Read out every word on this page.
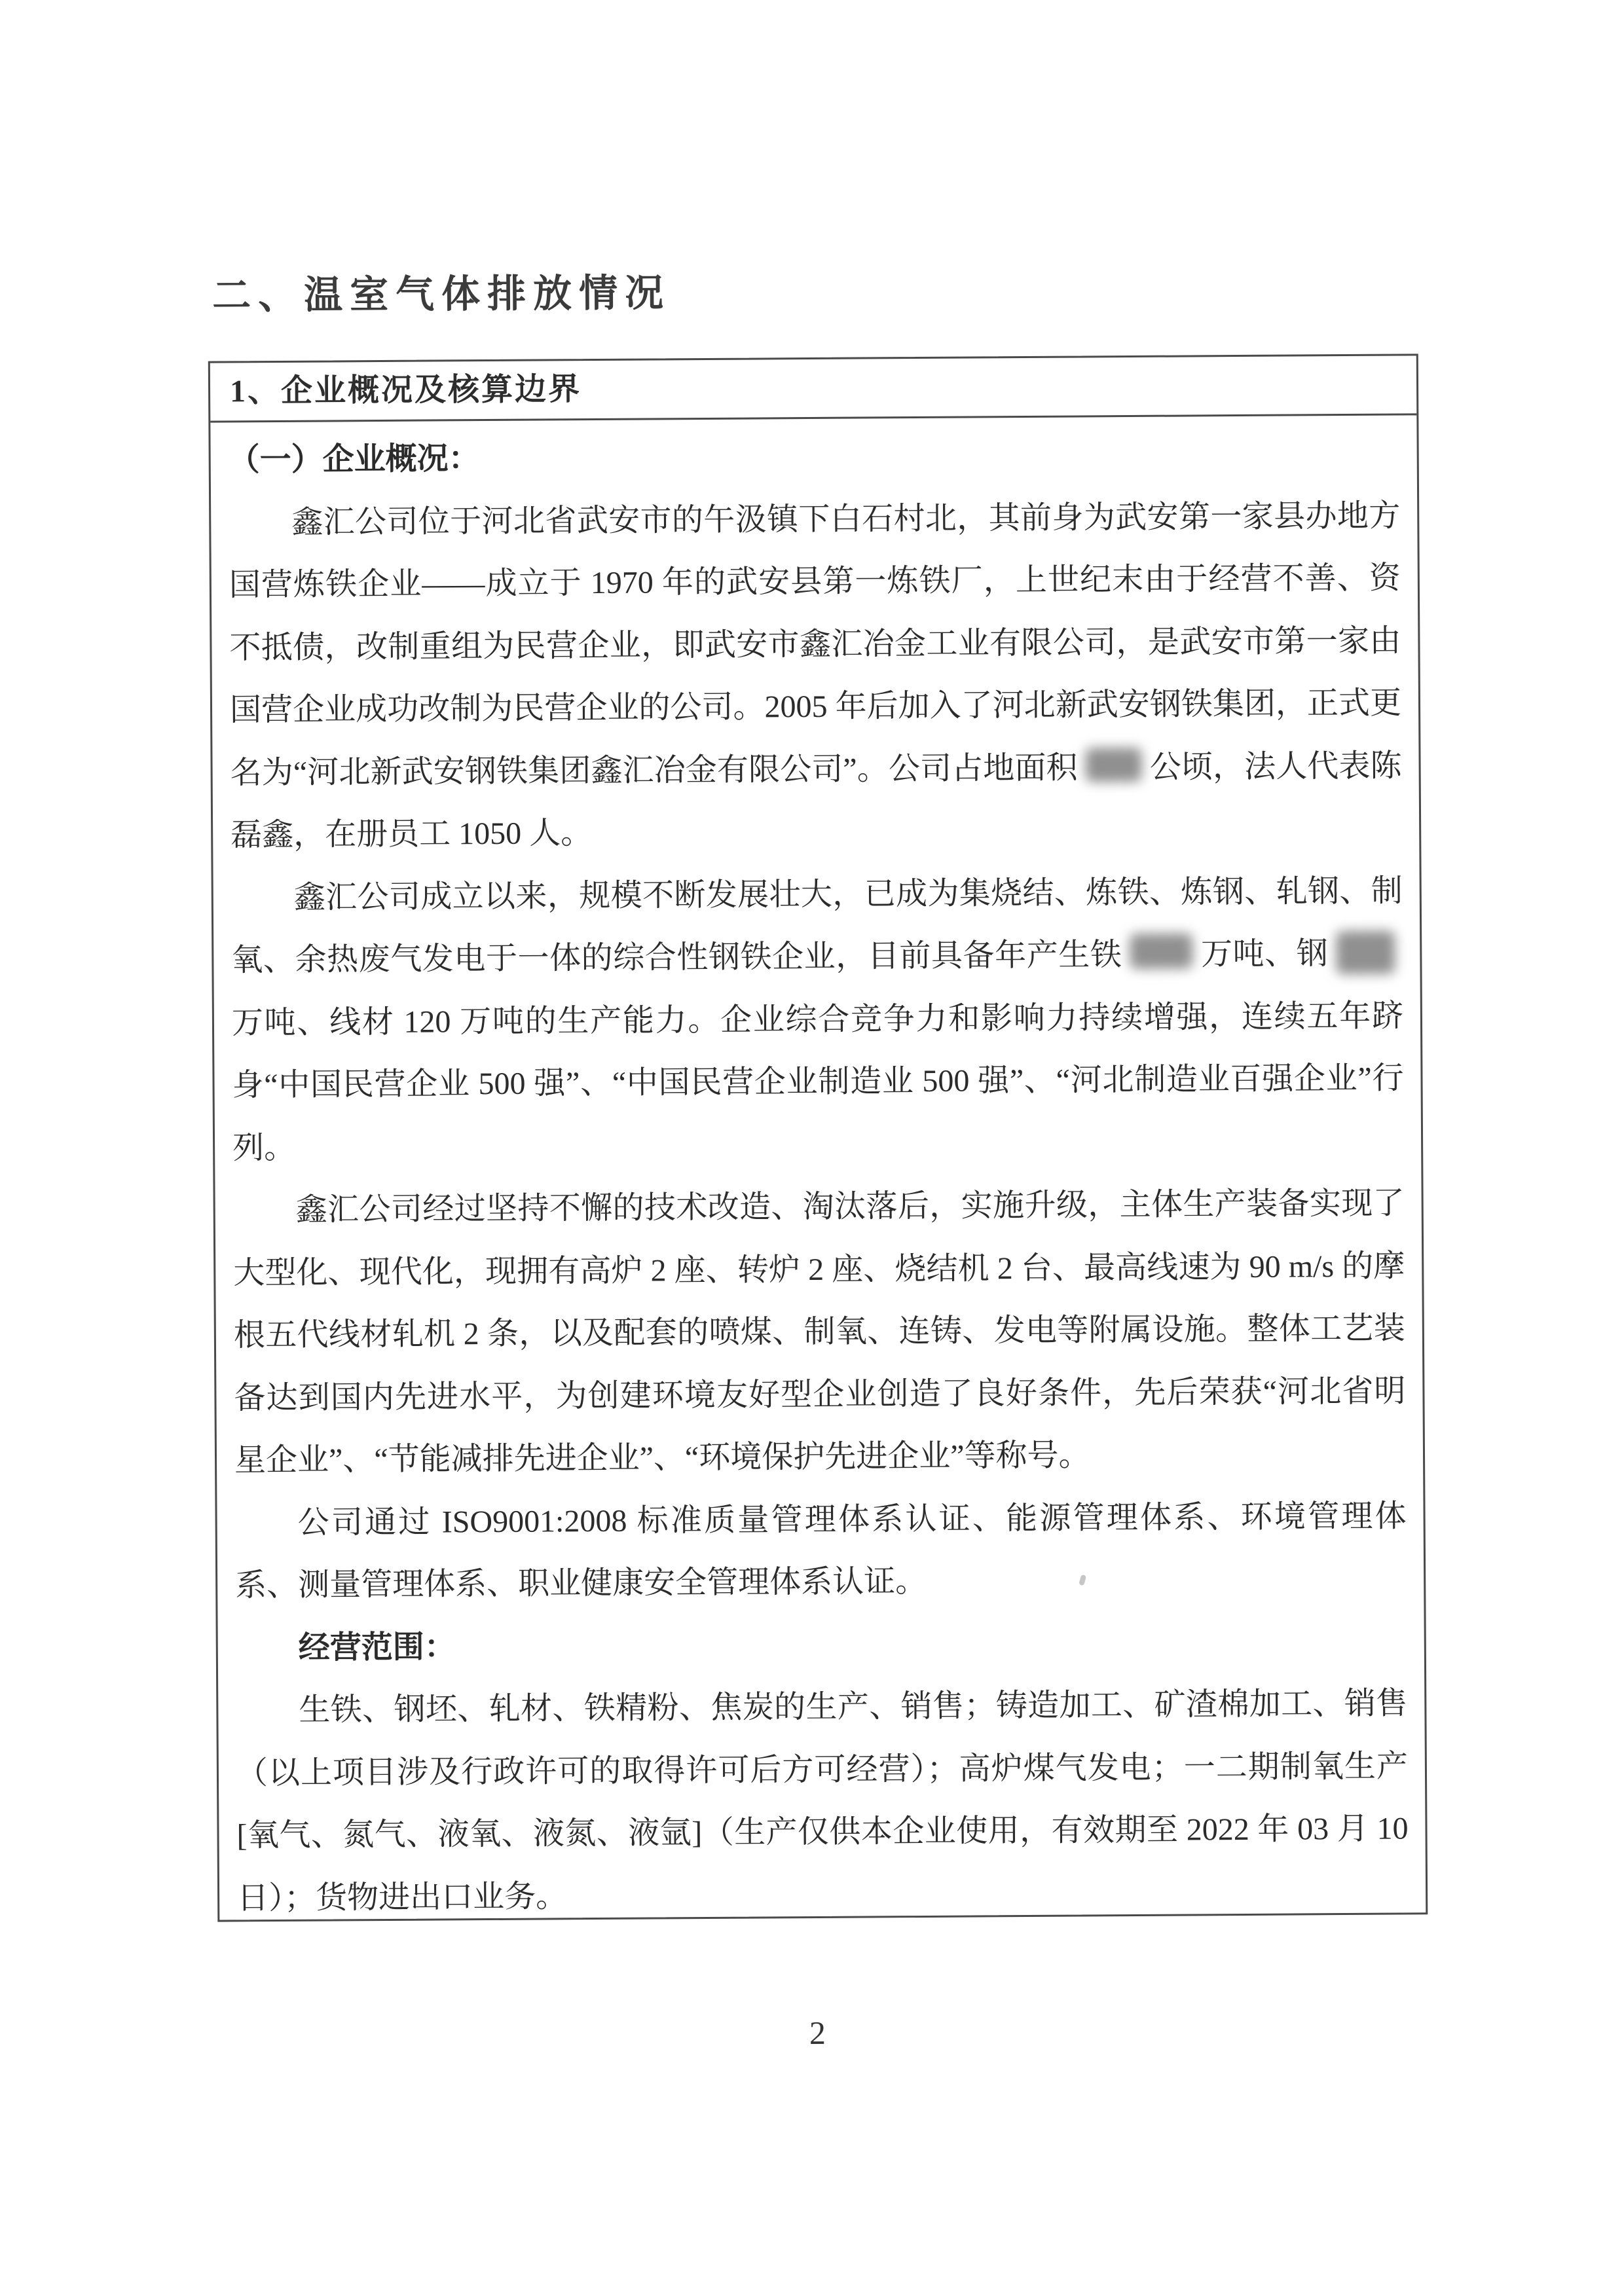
二、温室气体排放情况
1、企业概况及核算边界
（一）企业概况：
鑫汇公司位于河北省武安市的午汲镇下白石村北，其前身为武安第一家县办地方国营炼铁企业——成立于 1970 年的武安县第一炼铁厂，上世纪末由于经营不善、资不抵债，改制重组为民营企业，即武安市鑫汇冶金工业有限公司，是武安市第一家由国营企业成功改制为民营企业的公司。2005 年后加入了河北新武安钢铁集团，正式更名为“河北新武安钢铁集团鑫汇冶金有限公司”。公司占地面积 公顷，法人代表陈磊鑫，在册员工 1050 人。
鑫汇公司成立以来，规模不断发展壮大，已成为集烧结、炼铁、炼钢、轧钢、制氧、余热废气发电于一体的综合性钢铁企业，目前具备年产生铁 万吨、钢万吨、线材 120 万吨的生产能力。企业综合竞争力和影响力持续增强，连续五年跻身“中国民营企业 500 强”、“中国民营企业制造业 500 强”、“河北制造业百强企业”行列。
鑫汇公司经过坚持不懈的技术改造、淘汰落后，实施升级，主体生产装备实现了大型化、现代化，现拥有高炉 2 座、转炉 2 座、烧结机 2 台、最高线速为 90 m/s 的摩根五代线材轧机 2 条，以及配套的喷煤、制氧、连铸、发电等附属设施。整体工艺装备达到国内先进水平，为创建环境友好型企业创造了良好条件，先后荣获“河北省明星企业”、“节能减排先进企业”、“环境保护先进企业”等称号。
公司通过 ISO9001:2008 标准质量管理体系认证、能源管理体系、环境管理体系、测量管理体系、职业健康安全管理体系认证。
经营范围：
生铁、钢坯、轧材、铁精粉、焦炭的生产、销售；铸造加工、矿渣棉加工、销售（以上项目涉及行政许可的取得许可后方可经营）；高炉煤气发电；一二期制氧生产[氧气、氮气、液氧、液氮、液氩]（生产仅供本企业使用，有效期至 2022 年 03 月 10 日）；货物进出口业务。
2
